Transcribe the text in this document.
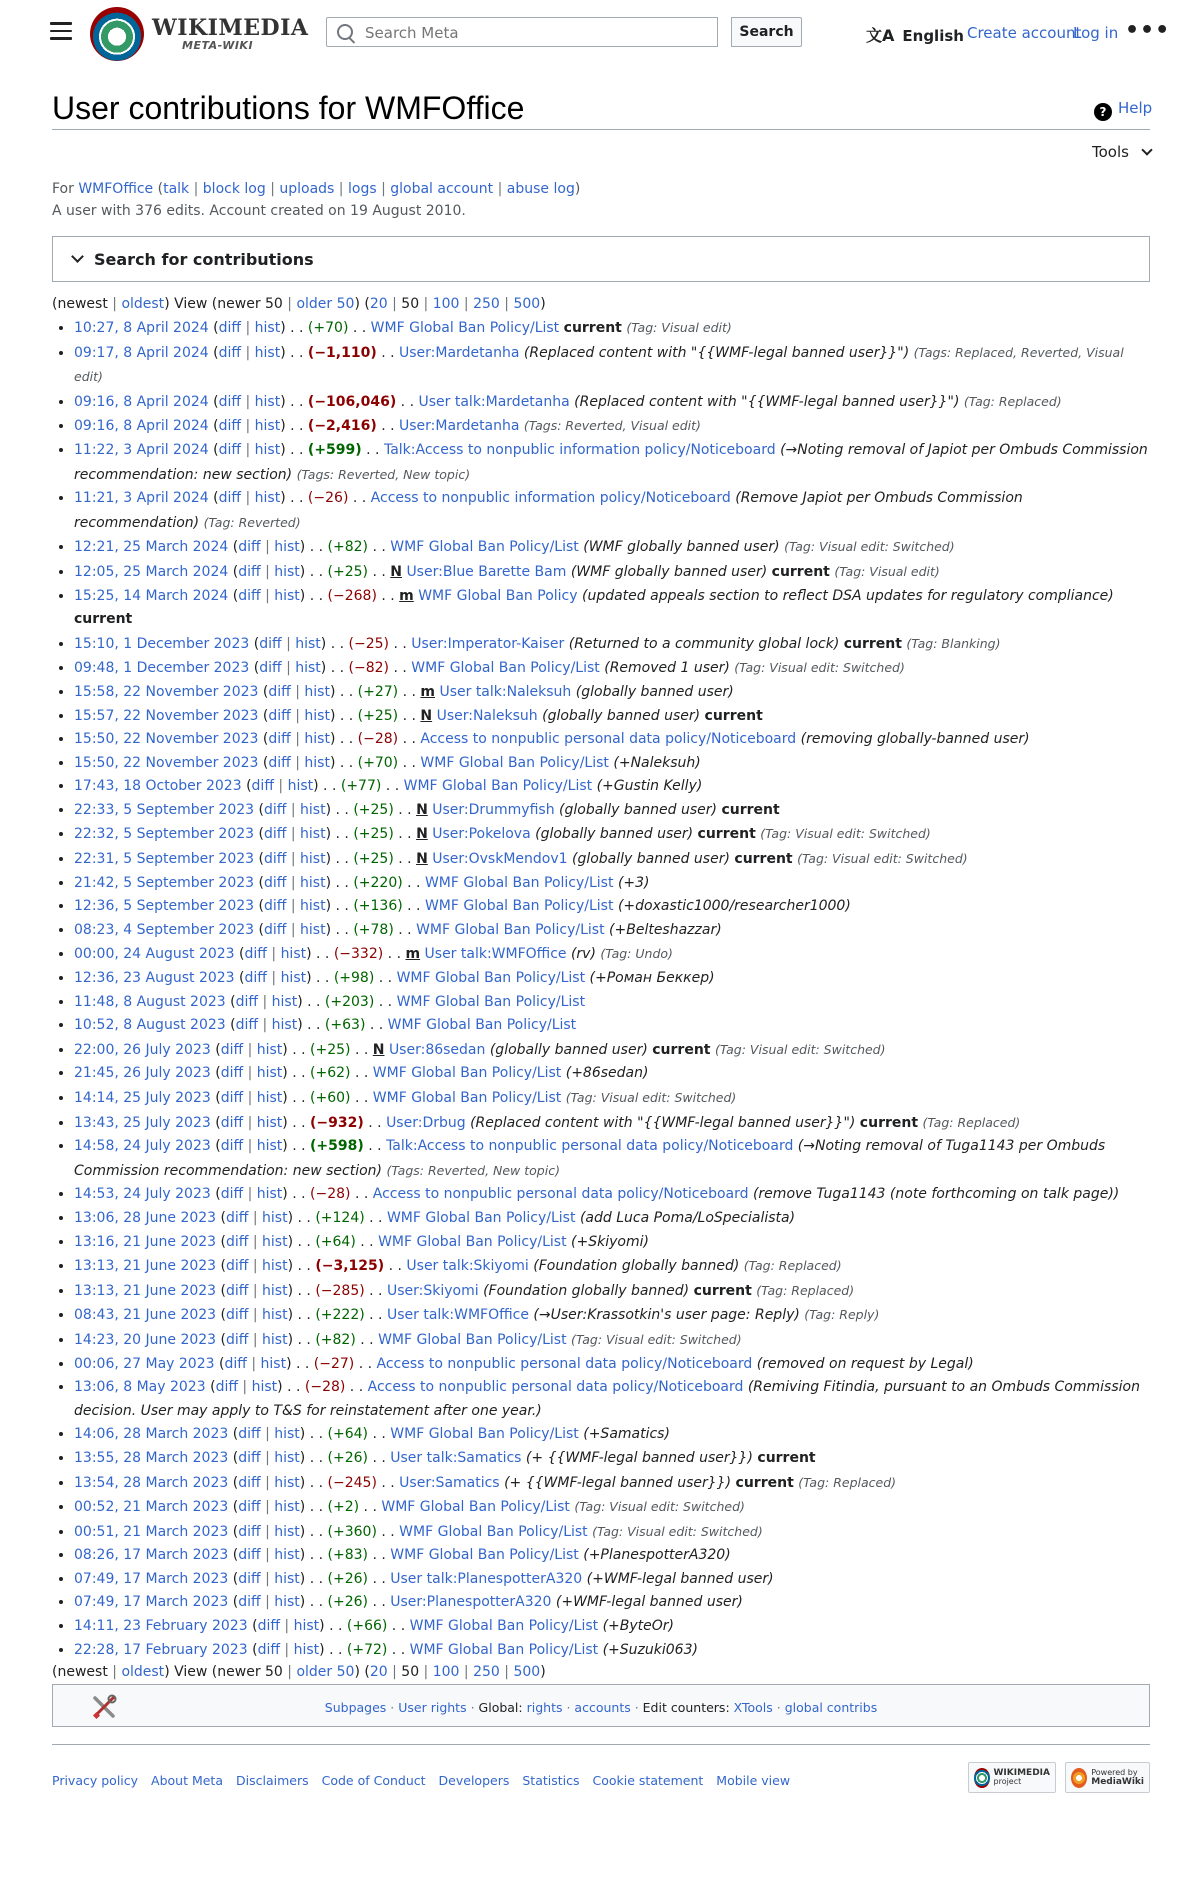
WIKIMEDIA
META-WIKI
Search Meta
Search	文A English Create account
Log in •••
User contributions for WMFOffice	? Help
Tools
For WMFOffice (talk | block log | uploads | logs | global account | abuse log)
A user with 376 edits. Account created on 19 August 2010.
Search for contributions
(newest | oldest) View (newer 50 | older 50) (20 | 50 | 100 | 250 | 500)
• 10:27, 8 April 2024 (diff | hist) . . (+70) . . WMF Global Ban Policy/List current (Tag: Visual edit)
• 09:17, 8 April 2024 (diff | hist) . . (−1,110) . . User:Mardetanha (Replaced content with "{{WMF-legal banned user}}") (Tags: Replaced, Reverted, Visual edit)
• 09:16, 8 April 2024 (diff | hist) . . (−106,046) . . User talk:Mardetanha (Replaced content with "{{WMF-legal banned user}}") (Tag: Replaced)
• 09:16, 8 April 2024 (diff | hist) . . (−2,416) . . User:Mardetanha (Tags: Reverted, Visual edit)
• 11:22, 3 April 2024 (diff | hist) . . (+599) . . Talk:Access to nonpublic information policy/Noticeboard (→Noting removal of Japiot per Ombuds Commission recommendation: new section) (Tags: Reverted, New topic)
• 11:21, 3 April 2024 (diff | hist) . . (−26) . . Access to nonpublic information policy/Noticeboard (Remove Japiot per Ombuds Commission recommendation) (Tag: Reverted)
• 12:21, 25 March 2024 (diff | hist) . . (+82) . . WMF Global Ban Policy/List (WMF globally banned user) (Tag: Visual edit: Switched)
• 12:05, 25 March 2024 (diff | hist) . . (+25) . . N User:Blue Barette Bam (WMF globally banned user) current (Tag: Visual edit)
• 15:25, 14 March 2024 (diff | hist) . . (−268) . . m WMF Global Ban Policy (updated appeals section to reflect DSA updates for regulatory compliance) current
• 15:10, 1 December 2023 (diff | hist) . . (−25) . . User:Imperator-Kaiser (Returned to a community global lock) current (Tag: Blanking)
• 09:48, 1 December 2023 (diff | hist) . . (−82) . . WMF Global Ban Policy/List (Removed 1 user) (Tag: Visual edit: Switched)
• 15:58, 22 November 2023 (diff | hist) . . (+27) . . m User talk:Naleksuh (globally banned user)
• 15:57, 22 November 2023 (diff | hist) . . (+25) . . N User:Naleksuh (globally banned user) current
• 15:50, 22 November 2023 (diff | hist) . . (−28) . . Access to nonpublic personal data policy/Noticeboard (removing globally-banned user)
• 15:50, 22 November 2023 (diff | hist) . . (+70) . . WMF Global Ban Policy/List (+Naleksuh)
• 17:43, 18 October 2023 (diff | hist) . . (+77) . . WMF Global Ban Policy/List (+Gustin Kelly)
• 22:33, 5 September 2023 (diff | hist) . . (+25) . . N User:Drummyfish (globally banned user) current
• 22:32, 5 September 2023 (diff | hist) . . (+25) . . N User:Pokelova (globally banned user) current (Tag: Visual edit: Switched)
• 22:31, 5 September 2023 (diff | hist) . . (+25) . . N User:OvskMendov1 (globally banned user) current (Tag: Visual edit: Switched)
• 21:42, 5 September 2023 (diff | hist) . . (+220) . . WMF Global Ban Policy/List (+3)
• 12:36, 5 September 2023 (diff | hist) . . (+136) . . WMF Global Ban Policy/List (+doxastic1000/researcher1000)
• 08:23, 4 September 2023 (diff | hist) . . (+78) . . WMF Global Ban Policy/List (+Belteshazzar)
• 00:00, 24 August 2023 (diff | hist) . . (−332) . . m User talk:WMFOffice (rv) (Tag: Undo)
• 12:36, 23 August 2023 (diff | hist) . . (+98) . . WMF Global Ban Policy/List (+Роман Беккер)
• 11:48, 8 August 2023 (diff | hist) . . (+203) . . WMF Global Ban Policy/List
• 10:52, 8 August 2023 (diff | hist) . . (+63) . . WMF Global Ban Policy/List
• 22:00, 26 July 2023 (diff | hist) . . (+25) . . N User:86sedan (globally banned user) current (Tag: Visual edit: Switched)
• 21:45, 26 July 2023 (diff | hist) . . (+62) . . WMF Global Ban Policy/List (+86sedan)
• 14:14, 25 July 2023 (diff | hist) . . (+60) . . WMF Global Ban Policy/List (Tag: Visual edit: Switched)
• 13:43, 25 July 2023 (diff | hist) . . (−932) . . User:Drbug (Replaced content with "{{WMF-legal banned user}}") current (Tag: Replaced)
• 14:58, 24 July 2023 (diff | hist) . . (+598) . . Talk:Access to nonpublic personal data policy/Noticeboard (→Noting removal of Tuga1143 per Ombuds Commission recommendation: new section) (Tags: Reverted, New topic)
• 14:53, 24 July 2023 (diff | hist) . . (−28) . . Access to nonpublic personal data policy/Noticeboard (remove Tuga1143 (note forthcoming on talk page))
• 13:06, 28 June 2023 (diff | hist) . . (+124) . . WMF Global Ban Policy/List (add Luca Poma/LoSpecialista)
• 13:16, 21 June 2023 (diff | hist) . . (+64) . . WMF Global Ban Policy/List (+Skiyomi)
• 13:13, 21 June 2023 (diff | hist) . . (−3,125) . . User talk:Skiyomi (Foundation globally banned) (Tag: Replaced)
• 13:13, 21 June 2023 (diff | hist) . . (−285) . . User:Skiyomi (Foundation globally banned) current (Tag: Replaced)
• 08:43, 21 June 2023 (diff | hist) . . (+222) . . User talk:WMFOffice (→User:Krassotkin's user page: Reply) (Tag: Reply)
• 14:23, 20 June 2023 (diff | hist) . . (+82) . . WMF Global Ban Policy/List (Tag: Visual edit: Switched)
• 00:06, 27 May 2023 (diff | hist) . . (−27) . . Access to nonpublic personal data policy/Noticeboard (removed on request by Legal)
• 13:06, 8 May 2023 (diff | hist) . . (−28) . . Access to nonpublic personal data policy/Noticeboard (Remiving Fitindia, pursuant to an Ombuds Commission decision. User may apply to T&S for reinstatement after one year.)
• 14:06, 28 March 2023 (diff | hist) . . (+64) . . WMF Global Ban Policy/List (+Samatics)
• 13:55, 28 March 2023 (diff | hist) . . (+26) . . User talk:Samatics (+ {{WMF-legal banned user}}) current
• 13:54, 28 March 2023 (diff | hist) . . (−245) . . User:Samatics (+ {{WMF-legal banned user}}) current (Tag: Replaced)
• 00:52, 21 March 2023 (diff | hist) . . (+2) . . WMF Global Ban Policy/List (Tag: Visual edit: Switched)
• 00:51, 21 March 2023 (diff | hist) . . (+360) . . WMF Global Ban Policy/List (Tag: Visual edit: Switched)
• 08:26, 17 March 2023 (diff | hist) . . (+83) . . WMF Global Ban Policy/List (+PlanespotterA320)
• 07:49, 17 March 2023 (diff | hist) . . (+26) . . User talk:PlanespotterA320 (+WMF-legal banned user)
• 07:49, 17 March 2023 (diff | hist) . . (+26) . . User:PlanespotterA320 (+WMF-legal banned user)
• 14:11, 23 February 2023 (diff | hist) . . (+66) . . WMF Global Ban Policy/List (+ByteOr)
• 22:28, 17 February 2023 (diff | hist) . . (+72) . . WMF Global Ban Policy/List (+Suzuki063)
(newest | oldest) View (newer 50 | older 50) (20 | 50 | 100 | 250 | 500)
Subpages · User rights · Global: rights · accounts · Edit counters: XTools · global contribs
Privacy policy About Meta Disclaimers Code of Conduct Developers Statistics Cookie statement Mobile view
WIKIMEDIA
project
Powered by
MediaWiki
